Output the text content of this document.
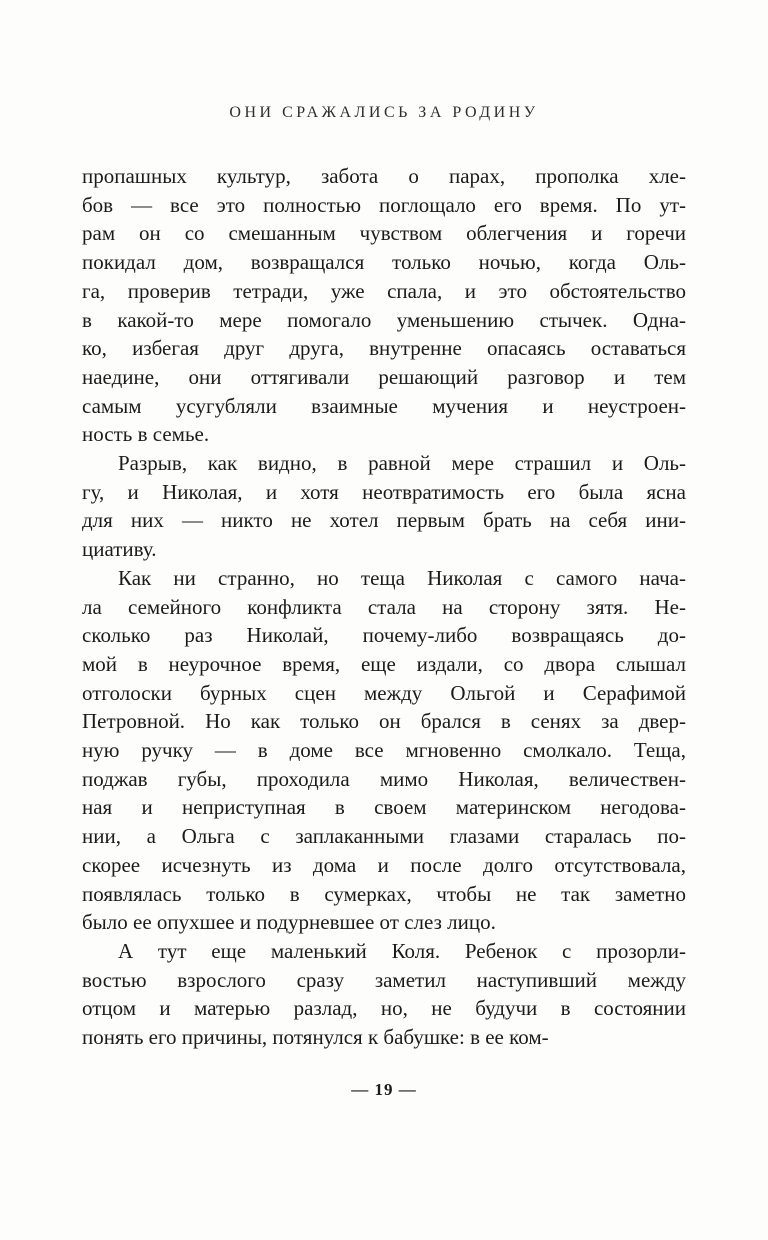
ОНИ СРАЖАЛИСЬ ЗА РОДИНУ
пропашных культур, забота о парах, прополка хле-
бов — все это полностью поглощало его время. По ут-
рам он со смешанным чувством облегчения и горечи
покидал дом, возвращался только ночью, когда Оль-
га, проверив тетради, уже спала, и это обстоятельство
в какой-то мере помогало уменьшению стычек. Одна-
ко, избегая друг друга, внутренне опасаясь оставаться
наедине, они оттягивали решающий разговор и тем
самым усугубляли взаимные мучения и неустроен-
ность в семье.
Разрыв, как видно, в равной мере страшил и Оль-
гу, и Николая, и хотя неотвратимость его была ясна
для них — никто не хотел первым брать на себя ини-
циативу.
Как ни странно, но теща Николая с самого нача-
ла семейного конфликта стала на сторону зятя. Не-
сколько раз Николай, почему-либо возвращаясь до-
мой в неурочное время, еще издали, со двора слышал
отголоски бурных сцен между Ольгой и Серафимой
Петровной. Но как только он брался в сенях за двер-
ную ручку — в доме все мгновенно смолкало. Теща,
поджав губы, проходила мимо Николая, величествен-
ная и неприступная в своем материнском негодова-
нии, а Ольга с заплаканными глазами старалась по-
скорее исчезнуть из дома и после долго отсутствовала,
появлялась только в сумерках, чтобы не так заметно
было ее опухшее и подурневшее от слез лицо.
А тут еще маленький Коля. Ребенок с прозорли-
востью взрослого сразу заметил наступивший между
отцом и матерью разлад, но, не будучи в состоянии
понять его причины, потянулся к бабушке: в ее ком-
— 19 —
